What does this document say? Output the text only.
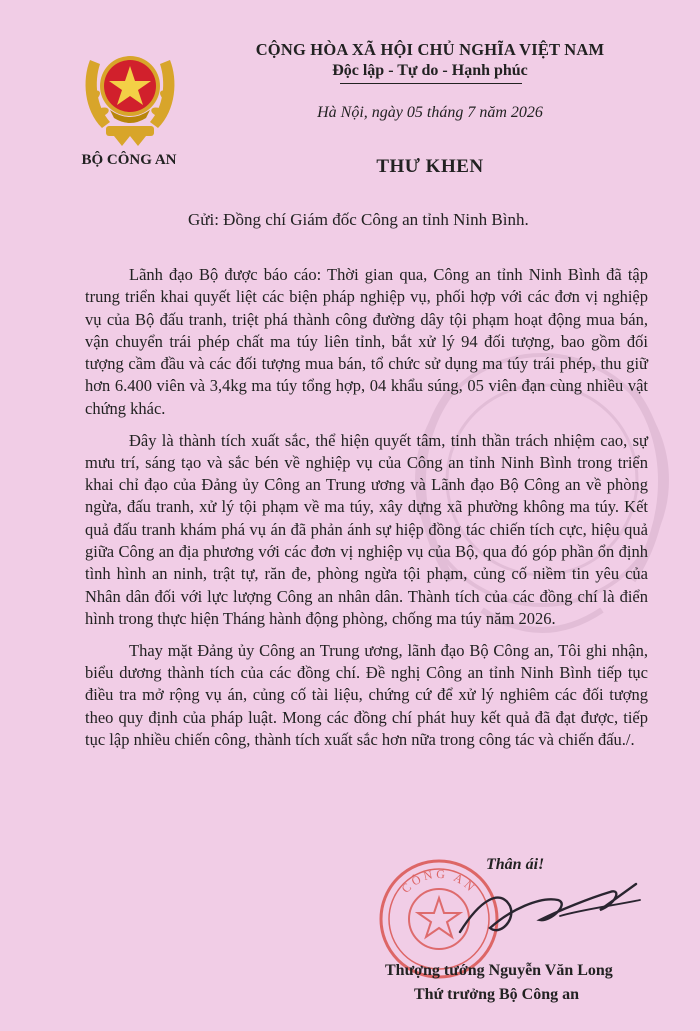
BỘ CÔNG AN
CỘNG HÒA XÃ HỘI CHỦ NGHĨA VIỆT NAM
Độc lập - Tự do - Hạnh phúc
Hà Nội, ngày 05 tháng 7 năm 2026
THƯ KHEN
Gửi: Đồng chí Giám đốc Công an tỉnh Ninh Bình.

Lãnh đạo Bộ được báo cáo: Thời gian qua, Công an tỉnh Ninh Bình đã tập trung triển khai quyết liệt các biện pháp nghiệp vụ, phối hợp với các đơn vị nghiệp vụ của Bộ đấu tranh, triệt phá thành công đường dây tội phạm hoạt động mua bán, vận chuyển trái phép chất ma túy liên tỉnh, bắt xử lý 94 đối tượng, bao gồm đối tượng cầm đầu và các đối tượng mua bán, tổ chức sử dụng ma túy trái phép, thu giữ hơn 6.400 viên và 3,4kg ma túy tổng hợp, 04 khẩu súng, 05 viên đạn cùng nhiều vật chứng khác.

Đây là thành tích xuất sắc, thể hiện quyết tâm, tinh thần trách nhiệm cao, sự mưu trí, sáng tạo và sắc bén về nghiệp vụ của Công an tỉnh Ninh Bình trong triển khai chỉ đạo của Đảng ủy Công an Trung ương và Lãnh đạo Bộ Công an về phòng ngừa, đấu tranh, xử lý tội phạm về ma túy, xây dựng xã phường không ma túy. Kết quả đấu tranh khám phá vụ án đã phản ánh sự hiệp đồng tác chiến tích cực, hiệu quả giữa Công an địa phương với các đơn vị nghiệp vụ của Bộ, qua đó góp phần ổn định tình hình an ninh, trật tự, răn đe, phòng ngừa tội phạm, củng cố niềm tin yêu của Nhân dân đối với lực lượng Công an nhân dân. Thành tích của các đồng chí là điển hình trong thực hiện Tháng hành động phòng, chống ma túy năm 2026.

Thay mặt Đảng ủy Công an Trung ương, lãnh đạo Bộ Công an, Tôi ghi nhận, biểu dương thành tích của các đồng chí. Đề nghị Công an tỉnh Ninh Bình tiếp tục điều tra mở rộng vụ án, củng cố tài liệu, chứng cứ để xử lý nghiêm các đối tượng theo quy định của pháp luật. Mong các đồng chí phát huy kết quả đã đạt được, tiếp tục lập nhiều chiến công, thành tích xuất sắc hơn nữa trong công tác và chiến đấu./.

CÔNG AN
Thân ái!
Thượng tướng Nguyễn Văn Long
Thứ trưởng Bộ Công an
